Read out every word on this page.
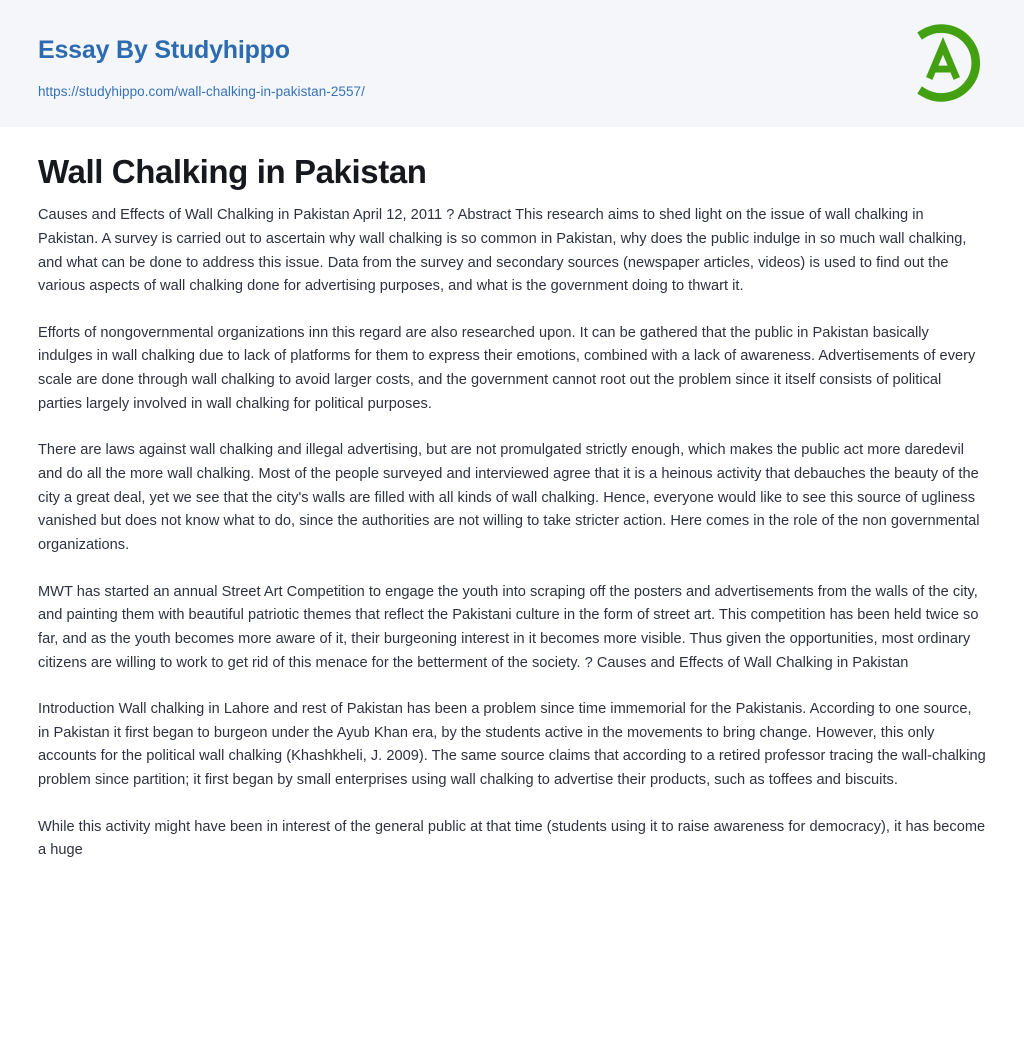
Essay By Studyhippo
https://studyhippo.com/wall-chalking-in-pakistan-2557/
Wall Chalking in Pakistan

Causes and Effects of Wall Chalking in Pakistan April 12, 2011 ? Abstract This research aims to shed light on the issue of wall chalking in Pakistan. A survey is carried out to ascertain why wall chalking is so common in Pakistan, why does the public indulge in so much wall chalking, and what can be done to address this issue. Data from the survey and secondary sources (newspaper articles, videos) is used to find out the various aspects of wall chalking done for advertising purposes, and what is the government doing to thwart it.

Efforts of nongovernmental organizations inn this regard are also researched upon. It can be gathered that the public in Pakistan basically indulges in wall chalking due to lack of platforms for them to express their emotions, combined with a lack of awareness. Advertisements of every scale are done through wall chalking to avoid larger costs, and the government cannot root out the problem since it itself consists of political parties largely involved in wall chalking for political purposes.

There are laws against wall chalking and illegal advertising, but are not promulgated strictly enough, which makes the public act more daredevil and do all the more wall chalking. Most of the people surveyed and interviewed agree that it is a heinous activity that debauches the beauty of the city a great deal, yet we see that the city's walls are filled with all kinds of wall chalking. Hence, everyone would like to see this source of ugliness vanished but does not know what to do, since the authorities are not willing to take stricter action. Here comes in the role of the non governmental organizations.

MWT has started an annual Street Art Competition to engage the youth into scraping off the posters and advertisements from the walls of the city, and painting them with beautiful patriotic themes that reflect the Pakistani culture in the form of street art. This competition has been held twice so far, and as the youth becomes more aware of it, their burgeoning interest in it becomes more visible. Thus given the opportunities, most ordinary citizens are willing to work to get rid of this menace for the betterment of the society. ? Causes and Effects of Wall Chalking in Pakistan

Introduction Wall chalking in Lahore and rest of Pakistan has been a problem since time immemorial for the Pakistanis. According to one source, in Pakistan it first began to burgeon under the Ayub Khan era, by the students active in the movements to bring change. However, this only accounts for the political wall chalking (Khashkheli, J. 2009). The same source claims that according to a retired professor tracing the wall-chalking problem since partition; it first began by small enterprises using wall chalking to advertise their products, such as toffees and biscuits.

While this activity might have been in interest of the general public at that time (students using it to raise awareness for democracy), it has become a huge
